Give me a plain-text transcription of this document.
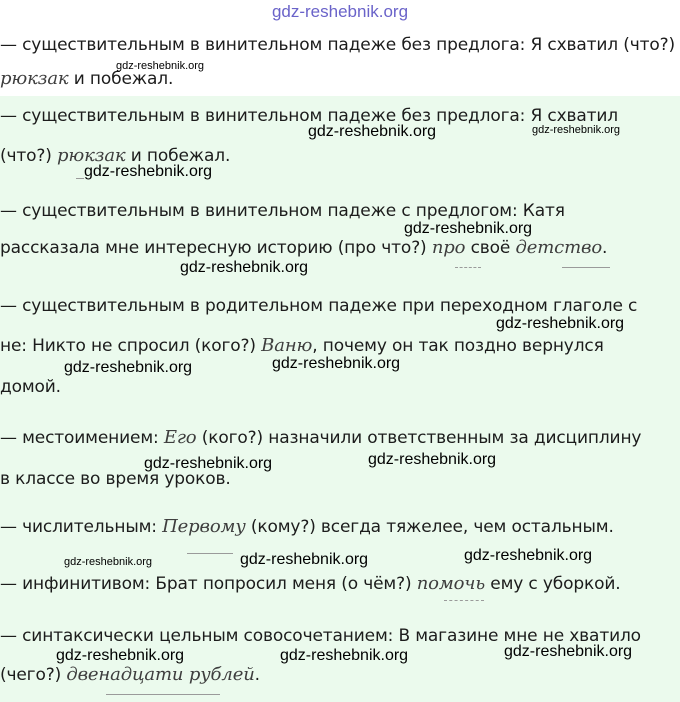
gdz-reshebnik.org
— существительным в винительном падеже без предлога: Я схватил (что?)
рюкзак и побежал.
— существительным в винительном падеже без предлога: Я схватил
(что?) рюкзак и побежал.
— существительным в винительном падеже с предлогом: Катя
рассказала мне интересную историю (про что?) про своё детство.
— существительным в родительном падеже при переходном глаголе с
не: Никто не спросил (кого?) Ваню, почему он так поздно вернулся
домой.
— местоимением: Его (кого?) назначили ответственным за дисциплину
в классе во время уроков.
— числительным: Первому (кому?) всегда тяжелее, чем остальным.
— инфинитивом: Брат попросил меня (о чём?) помочь ему с уборкой.
— синтаксически цельным совосочетанием: В магазине мне не хватило
(чего?) двенадцати рублей.
gdz-reshebnik.org
gdz-reshebnik.org	gdz-reshebnik.org
gdz-reshebnik.org
gdz-reshebnik.org
gdz-reshebnik.org
gdz-reshebnik.org
gdz-reshebnik.org
gdz-reshebnik.org
gdz-reshebnik.org
gdz-reshebnik.org
gdz-reshebnik.org
gdz-reshebnik.org
gdz-reshebnik.org
gdz-reshebnik.org
gdz-reshebnik.org
gdz-reshebnik.org
